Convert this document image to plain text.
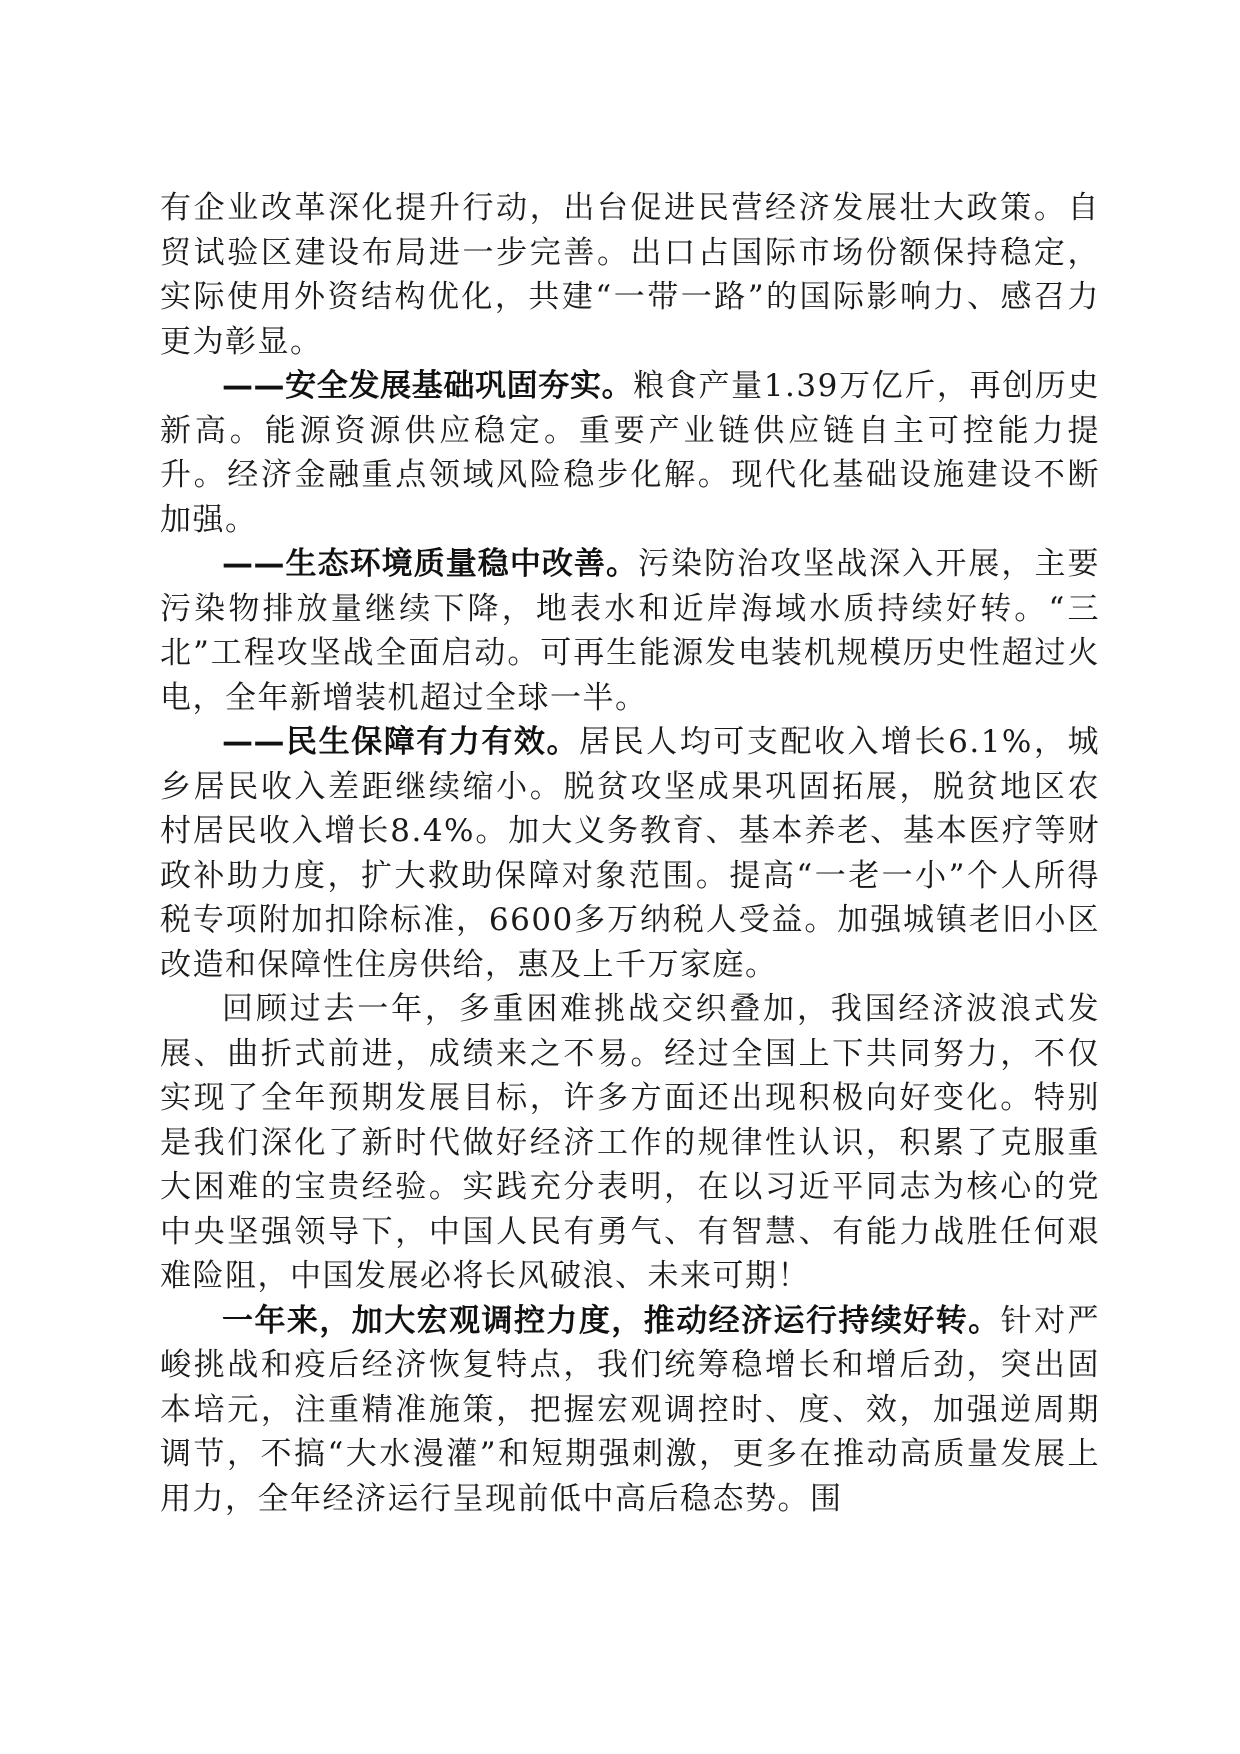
有企业改革深化提升行动，出台促进民营经济发展壮大政策。自贸试验区建设布局进一步完善。出口占国际市场份额保持稳定，实际使用外资结构优化，共建“一带一路”的国际影响力、感召力更为彰显。

——安全发展基础巩固夯实。粮食产量1.39万亿斤，再创历史新高。能源资源供应稳定。重要产业链供应链自主可控能力提升。经济金融重点领域风险稳步化解。现代化基础设施建设不断加强。

——生态环境质量稳中改善。污染防治攻坚战深入开展，主要污染物排放量继续下降，地表水和近岸海域水质持续好转。“三北”工程攻坚战全面启动。可再生能源发电装机规模历史性超过火电，全年新增装机超过全球一半。

——民生保障有力有效。居民人均可支配收入增长6.1%，城乡居民收入差距继续缩小。脱贫攻坚成果巩固拓展，脱贫地区农村居民收入增长8.4%。加大义务教育、基本养老、基本医疗等财政补助力度，扩大救助保障对象范围。提高“一老一小”个人所得税专项附加扣除标准，6600多万纳税人受益。加强城镇老旧小区改造和保障性住房供给，惠及上千万家庭。

回顾过去一年，多重困难挑战交织叠加，我国经济波浪式发展、曲折式前进，成绩来之不易。经过全国上下共同努力，不仅实现了全年预期发展目标，许多方面还出现积极向好变化。特别是我们深化了新时代做好经济工作的规律性认识，积累了克服重大困难的宝贵经验。实践充分表明，在以习近平同志为核心的党中央坚强领导下，中国人民有勇气、有智慧、有能力战胜任何艰难险阻，中国发展必将长风破浪、未来可期！

一年来，加大宏观调控力度，推动经济运行持续好转。针对严峻挑战和疫后经济恢复特点，我们统筹稳增长和增后劲，突出固本培元，注重精准施策，把握宏观调控时、度、效，加强逆周期调节，不搞“大水漫灌”和短期强刺激，更多在推动高质量发展上用力，全年经济运行呈现前低中高后稳态势。围
